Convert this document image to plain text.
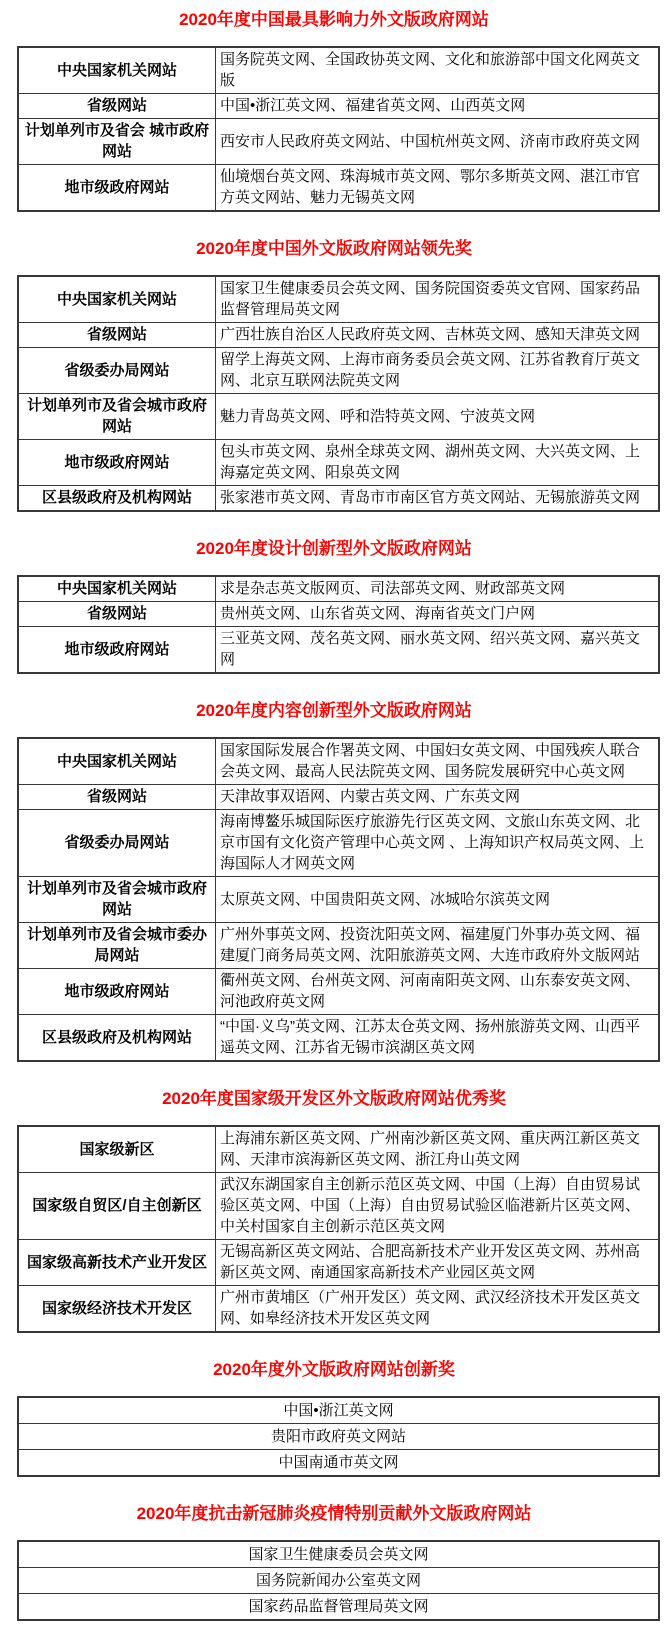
2020年度中国最具影响力外文版政府网站
中央国家机关网站	国务院英文网、全国政协英文网、文化和旅游部中国文化网英文版
省级网站	中国•浙江英文网、福建省英文网、山西英文网
计划单列市及省会 城市政府网站	西安市人民政府英文网站、中国杭州英文网、济南市政府英文网
地市级政府网站	仙境烟台英文网、珠海城市英文网、鄂尔多斯英文网、湛江市官方英文网站、魅力无锡英文网
2020年度中国外文版政府网站领先奖
中央国家机关网站	国家卫生健康委员会英文网、国务院国资委英文官网、国家药品监督管理局英文网
省级网站	广西壮族自治区人民政府英文网、吉林英文网、感知天津英文网
省级委办局网站	留学上海英文网、上海市商务委员会英文网、江苏省教育厅英文网、北京互联网法院英文网
计划单列市及省会城市政府网站	魅力青岛英文网、呼和浩特英文网、宁波英文网
地市级政府网站	包头市英文网、泉州全球英文网、湖州英文网、大兴英文网、上海嘉定英文网、阳泉英文网
区县级政府及机构网站	张家港市英文网、青岛市市南区官方英文网站、无锡旅游英文网
2020年度设计创新型外文版政府网站
中央国家机关网站	求是杂志英文版网页、司法部英文网、财政部英文网
省级网站	贵州英文网、山东省英文网、海南省英文门户网
地市级政府网站	三亚英文网、茂名英文网、丽水英文网、绍兴英文网、嘉兴英文网
2020年度内容创新型外文版政府网站
中央国家机关网站	国家国际发展合作署英文网、中国妇女英文网、中国残疾人联合会英文网、最高人民法院英文网、国务院发展研究中心英文网
省级网站	天津故事双语网、内蒙古英文网、广东英文网
省级委办局网站	海南博鳌乐城国际医疗旅游先行区英文网、文旅山东英文网、北京市国有文化资产管理中心英文网 、上海知识产权局英文网、上海国际人才网英文网
计划单列市及省会城市政府网站	太原英文网、中国贵阳英文网、冰城哈尔滨英文网
计划单列市及省会城市委办局网站	广州外事英文网、投资沈阳英文网、福建厦门外事办英文网、福建厦门商务局英文网、沈阳旅游英文网、大连市政府外文版网站
地市级政府网站	衢州英文网、台州英文网、河南南阳英文网、山东泰安英文网、河池政府英文网
区县级政府及机构网站	“中国·义乌”英文网、江苏太仓英文网、扬州旅游英文网、山西平遥英文网、江苏省无锡市滨湖区英文网
2020年度国家级开发区外文版政府网站优秀奖
国家级新区	上海浦东新区英文网、广州南沙新区英文网、重庆两江新区英文网、天津市滨海新区英文网、浙江舟山英文网
国家级自贸区/自主创新区	武汉东湖国家自主创新示范区英文网、中国（上海）自由贸易试验区英文网、中国（上海）自由贸易试验区临港新片区英文网、中关村国家自主创新示范区英文网
国家级高新技术产业开发区	无锡高新区英文网站、合肥高新技术产业开发区英文网、苏州高新区英文网、南通国家高新技术产业园区英文网
国家级经济技术开发区	广州市黄埔区（广州开发区）英文网、武汉经济技术开发区英文网、如皋经济技术开发区英文网
2020年度外文版政府网站创新奖
中国•浙江英文网
贵阳市政府英文网站
中国南通市英文网
2020年度抗击新冠肺炎疫情特别贡献外文版政府网站
国家卫生健康委员会英文网
国务院新闻办公室英文网
国家药品监督管理局英文网
